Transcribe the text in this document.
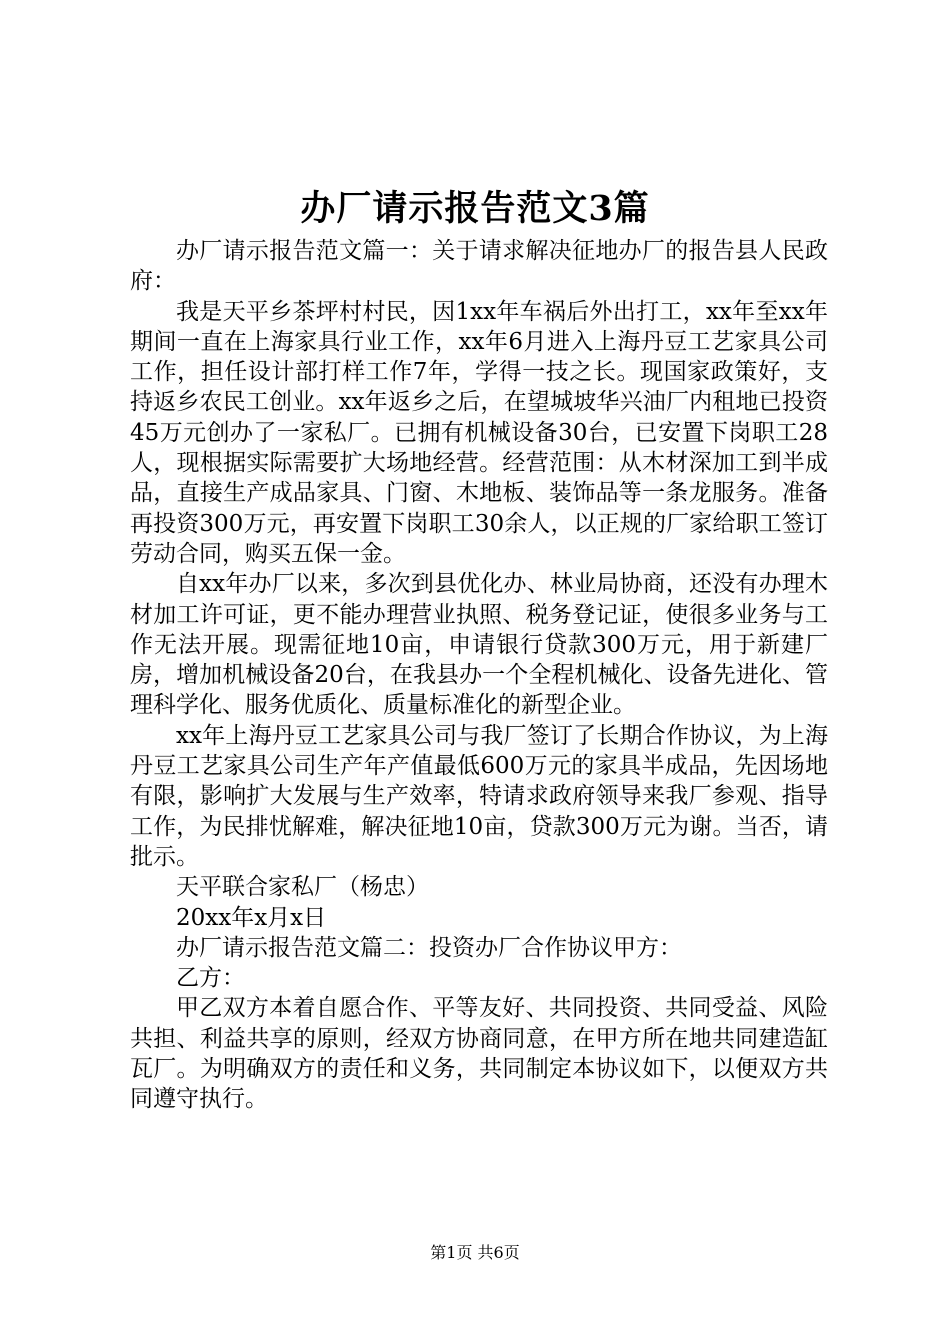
办厂请示报告范文3篇

办厂请示报告范文篇一：关于请求解决征地办厂的报告县人民政府：

我是天平乡茶坪村村民，因1xx年车祸后外出打工，xx年至xx年期间一直在上海家具行业工作，xx年6月进入上海丹豆工艺家具公司工作，担任设计部打样工作7年，学得一技之长。现国家政策好，支持返乡农民工创业。xx年返乡之后，在望城坡华兴油厂内租地已投资45万元创办了一家私厂。已拥有机械设备30台，已安置下岗职工28人，现根据实际需要扩大场地经营。经营范围：从木材深加工到半成品，直接生产成品家具、门窗、木地板、装饰品等一条龙服务。准备再投资300万元，再安置下岗职工30余人，以正规的厂家给职工签订劳动合同，购买五保一金。

自xx年办厂以来，多次到县优化办、林业局协商，还没有办理木材加工许可证，更不能办理营业执照、税务登记证，使很多业务与工作无法开展。现需征地10亩，申请银行贷款300万元，用于新建厂房，增加机械设备20台，在我县办一个全程机械化、设备先进化、管理科学化、服务优质化、质量标准化的新型企业。

xx年上海丹豆工艺家具公司与我厂签订了长期合作协议，为上海丹豆工艺家具公司生产年产值最低600万元的家具半成品，先因场地有限，影响扩大发展与生产效率，特请求政府领导来我厂参观、指导工作，为民排忧解难，解决征地10亩，贷款300万元为谢。当否，请批示。

天平联合家私厂（杨忠）

20xx年x月x日

办厂请示报告范文篇二：投资办厂合作协议甲方：

乙方：

甲乙双方本着自愿合作、平等友好、共同投资、共同受益、风险共担、利益共享的原则，经双方协商同意，在甲方所在地共同建造缸瓦厂。为明确双方的责任和义务，共同制定本协议如下，以便双方共同遵守执行。

第1页 共6页
